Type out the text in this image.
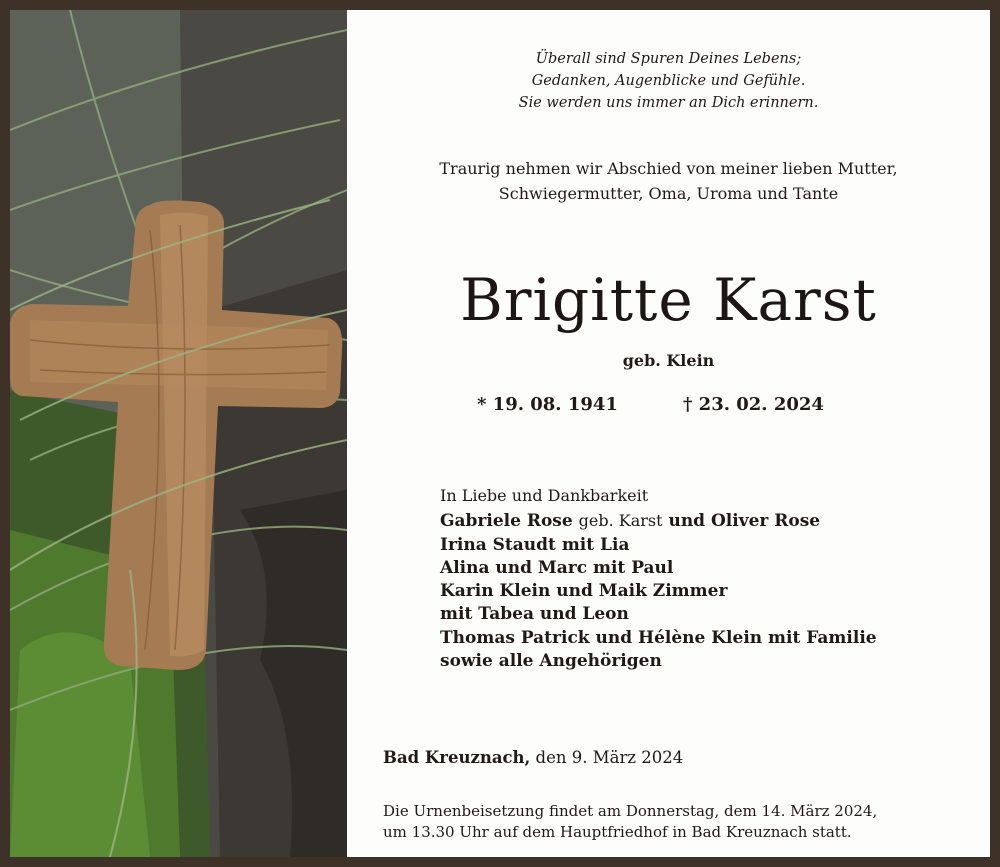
Überall sind Spuren Deines Lebens;
Gedanken, Augenblicke und Gefühle.
Sie werden uns immer an Dich erinnern.
Traurig nehmen wir Abschied von meiner lieben Mutter,
Schwiegermutter, Oma, Uroma und Tante
Brigitte Karst
geb. Klein
* 19. 08. 1941	† 23. 02. 2024
In Liebe und Dankbarkeit
Gabriele Rose geb. Karst und Oliver Rose
Irina Staudt mit Lia
Alina und Marc mit Paul
Karin Klein und Maik Zimmer
mit Tabea und Leon
Thomas Patrick und Hélène Klein mit Familie
sowie alle Angehörigen
Bad Kreuznach, den 9. März 2024
Die Urnenbeisetzung findet am Donnerstag, dem 14. März 2024,
um 13.30 Uhr auf dem Hauptfriedhof in Bad Kreuznach statt.
